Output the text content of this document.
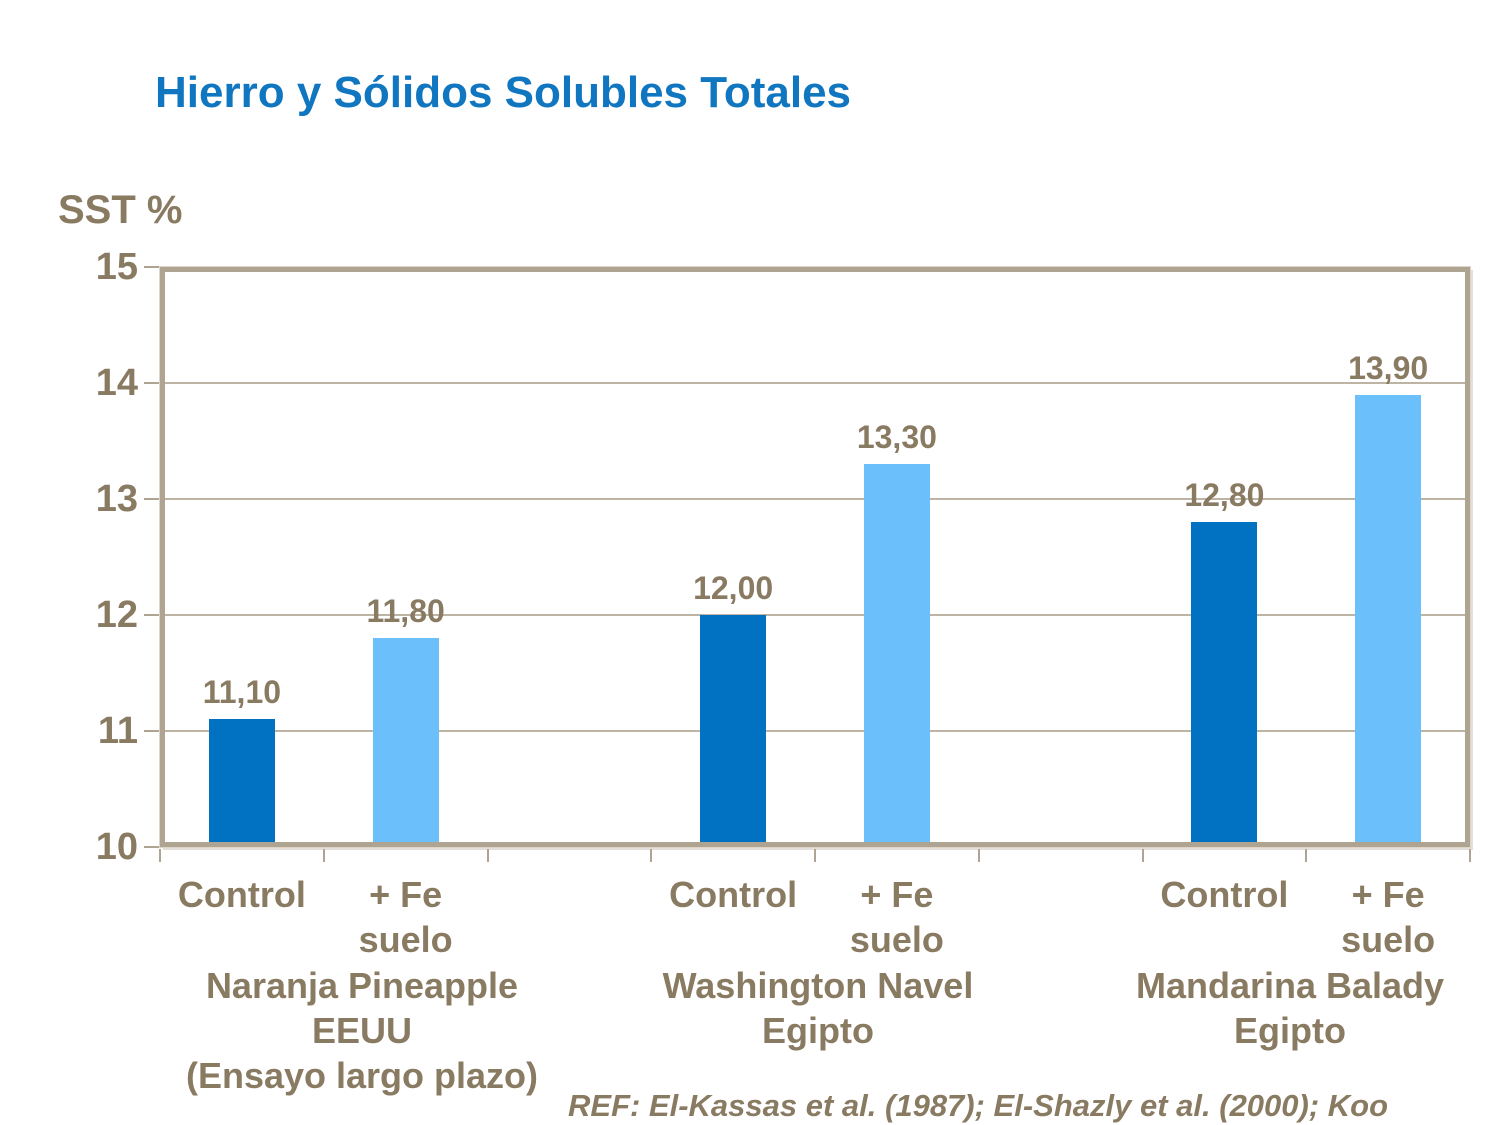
Hierro y Sólidos Solubles Totales
SST %
10
11
12
13
14
15
11,10
Control
11,80
+ Fe
suelo
Naranja Pineapple
EEUU
(Ensayo largo plazo)
12,00
Control
13,30
+ Fe
suelo
Washington Navel
Egipto
12,80
Control
13,90
+ Fe
suelo
Mandarina Balady
Egipto
REF: El-Kassas et al. (1987); El-Shazly et al. (2000); Koo
